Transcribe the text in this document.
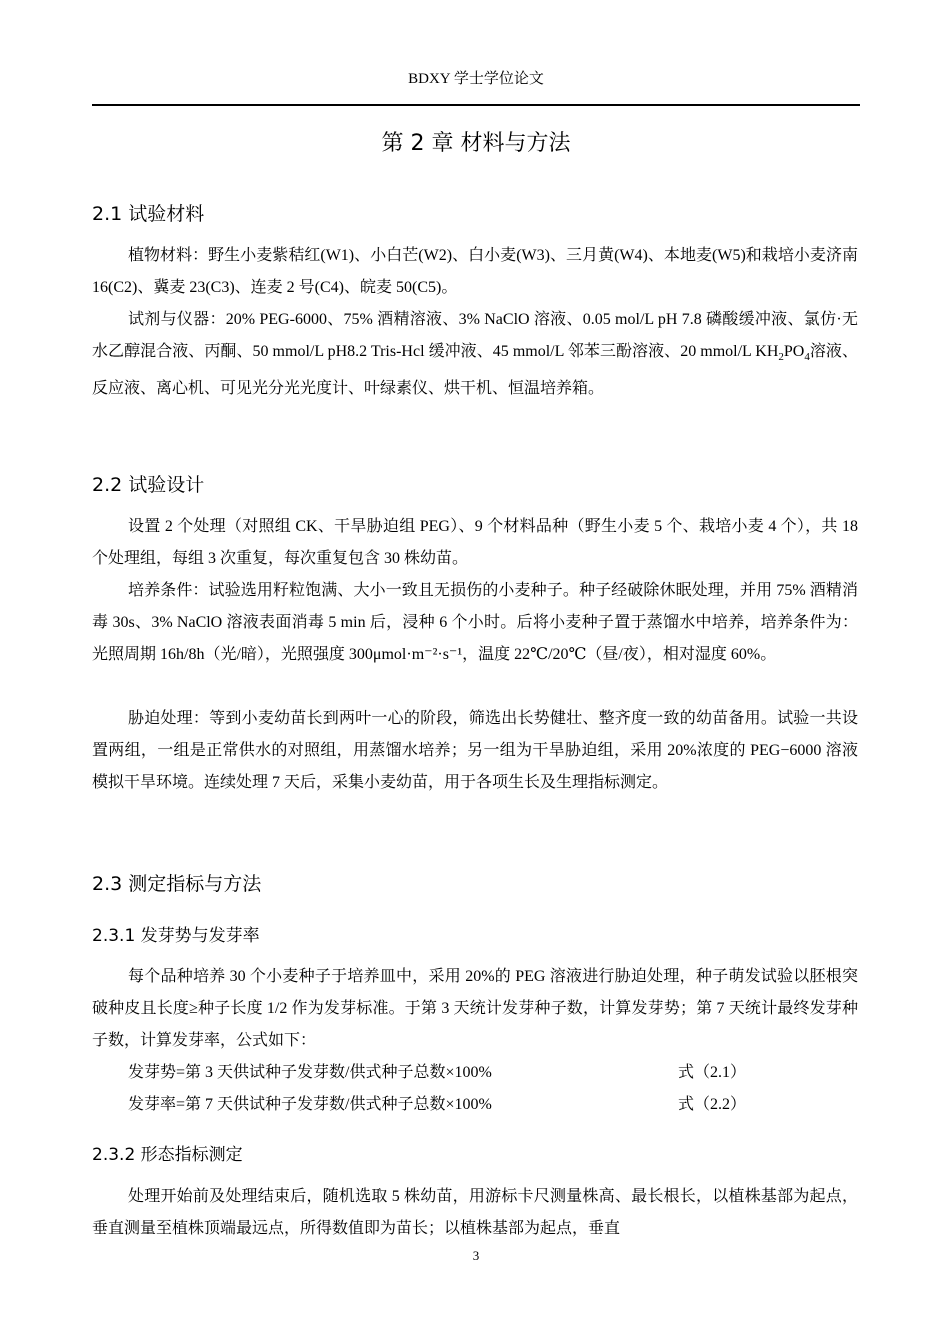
BDXY 学士学位论文
第 2 章 材料与方法
2.1 试验材料

植物材料：野生小麦紫秸红(W1)、小白芒(W2)、白小麦(W3)、三月黄(W4)、本地麦(W5)和栽培小麦济南 16(C2)、冀麦 23(C3)、连麦 2 号(C4)、皖麦 50(C5)。

试剂与仪器：20% PEG-6000、75% 酒精溶液、3% NaClO 溶液、0.05 mol/L pH 7.8 磷酸缓冲液、氯仿·无水乙醇混合液、丙酮、50 mmol/L pH8.2 Tris-Hcl 缓冲液、45 mmol/L 邻苯三酚溶液、20 mmol/L $KH_2PO_4$溶液、反应液、离心机、可见光分光光度计、叶绿素仪、烘干机、恒温培养箱。

2.2 试验设计

设置 2 个处理（对照组 CK、干旱胁迫组 PEG）、9 个材料品种（野生小麦 5 个、栽培小麦 4 个），共 18 个处理组，每组 3 次重复，每次重复包含 30 株幼苗。

培养条件：试验选用籽粒饱满、大小一致且无损伤的小麦种子。种子经破除休眠处理，并用 75% 酒精消毒 30s、3% NaClO 溶液表面消毒 5 min 后，浸种 6 个小时。后将小麦种子置于蒸馏水中培养，培养条件为：光照周期 16h/8h（光/暗），光照强度 300μmol·m⁻²·s⁻¹，温度 22℃/20℃（昼/夜），相对湿度 60%。

胁迫处理：等到小麦幼苗长到两叶一心的阶段，筛选出长势健壮、整齐度一致的幼苗备用。试验一共设置两组，一组是正常供水的对照组，用蒸馏水培养；另一组为干旱胁迫组，采用 20%浓度的 PEG−6000 溶液模拟干旱环境。连续处理 7 天后，采集小麦幼苗，用于各项生长及生理指标测定。

2.3 测定指标与方法
2.3.1 发芽势与发芽率

每个品种培养 30 个小麦种子于培养皿中，采用 20%的 PEG 溶液进行胁迫处理，种子萌发试验以胚根突破种皮且长度≥种子长度 1/2 作为发芽标准。于第 3 天统计发芽种子数，计算发芽势；第 7 天统计最终发芽种子数，计算发芽率，公式如下：

发芽势=第 3 天供试种子发芽数/供式种子总数×100%	式（2.1）
发芽率=第 7 天供试种子发芽数/供式种子总数×100%	式（2.2）
2.3.2 形态指标测定

处理开始前及处理结束后，随机选取 5 株幼苗，用游标卡尺测量株高、最长根长，以植株基部为起点，垂直测量至植株顶端最远点，所得数值即为苗长；以植株基部为起点，垂直

3
